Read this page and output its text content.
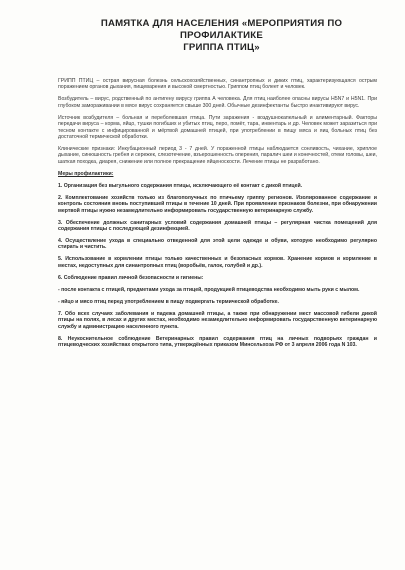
ПАМЯТКА ДЛЯ НАСЕЛЕНИЯ «МЕРОПРИЯТИЯ ПО ПРОФИЛАКТИКЕ
ГРИППА ПТИЦ»

ГРИПП ПТИЦ – острая вирусная болезнь сельскохозяйственных, синантропных и диких птиц, характеризующаяся острым поражением органов дыхания, пищеварения и высокой смертностью. Гриппом птиц болеет и человек.

Возбудитель – вирус, родственный по антигену вирусу гриппа А человека. Для птиц наиболее опасны вирусы H5N7 и H5N1. При глубоком замораживании в мясе вирус сохраняется свыше 300 дней. Обычные дезинфектанты быстро инактивируют вирус.

Источник возбудителя – больная и переболевшая птица. Пути заражения - воздушнокапельный и алиментарный. Факторы передачи вируса – корма, яйцо, тушки погибших и убитых птиц, перо, помёт, тара, инвентарь и др. Человек может заразиться при тесном контакте с инфицированной и мёртвой домашней птицей, при употреблении в пищу мяса и яиц больных птиц без достаточной термической обработки.

Клинические признаки: Инкубационный период 3 - 7 дней. У пораженной птицы наблюдается сонливость, чихание, хриплое дыхание, синюшность гребня и сережек, слезотечение, взъерошенность оперения, паралич шеи и конечностей, отеки головы, шеи, шаткая походка, диарея, снижение или полное прекращение яйценоскости. Лечение птицы не разработано.

Меры профилактики:

1. Организация без выгульного содержания птицы, исключающего её контакт с дикой птицей.

2. Комплектование хозяйств только из благополучных по птичьему гриппу регионов. Изолированное содержание и контроль состояния вновь поступившей птицы в течение 10 дней. При проявлении признаков болезни, при обнаружении мертвой птицы нужно незамедлительно информировать государственную ветеринарную службу.

3. Обеспечение должных санитарных условий содержания домашней птицы – регулярная чистка помещений для содержания птицы с последующей дезинфекцией.

4. Осуществление ухода в специально отведенной для этой цели одежде и обуви, которую необходимо регулярно стирать и чистить.

5. Использование в кормлении птицы только качественных и безопасных кормов. Хранение кормов и кормление в местах, недоступных для синантропных птиц (воробьёв, галок, голубей и др.).

6. Соблюдение правил личной безопасности и гигиены:

- после контакта с птицей, предметами ухода за птицей, продукцией птицеводства необходимо мыть руки с мылом.

- яйцо и мясо птиц перед употреблением в пищу подвергать термической обработке.

7. Обо всех случаях заболевания и падежа домашней птицы, а также при обнаружении мест массовой гибели дикой птицы на полях, в лесах и других местах, необходимо незамедлительно информировать государственную ветеринарную службу и администрацию населенного пункта.

8. Неукоснительное соблюдение Ветеринарных правил содержания птиц на личных подворьях граждан и птицеводческих хозяйствах открытого типа, утверждённых приказом Минсельхоза РФ от 3 апреля 2006 года N 103.
